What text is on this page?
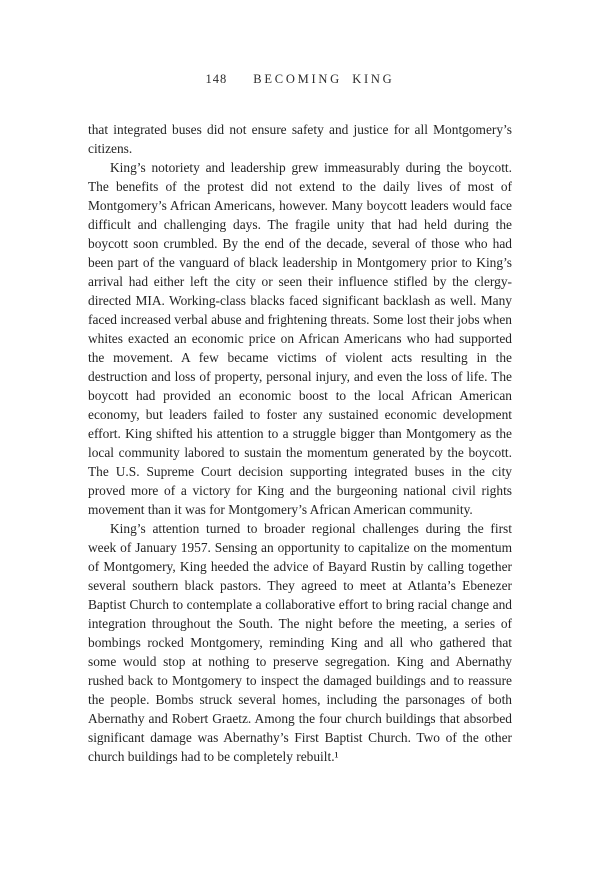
148 BECOMING KING

that integrated buses did not ensure safety and justice for all Montgomery’s citizens.

King’s notoriety and leadership grew immeasurably during the boycott. The benefits of the protest did not extend to the daily lives of most of Montgomery’s African Americans, however. Many boycott leaders would face difficult and challenging days. The fragile unity that had held during the boycott soon crumbled. By the end of the decade, several of those who had been part of the vanguard of black leadership in Montgomery prior to King’s arrival had either left the city or seen their influence stifled by the clergy-directed MIA. Working-class blacks faced significant backlash as well. Many faced increased verbal abuse and frightening threats. Some lost their jobs when whites exacted an economic price on African Americans who had supported the movement. A few became victims of violent acts resulting in the destruction and loss of property, personal injury, and even the loss of life. The boycott had provided an economic boost to the local African American economy, but leaders failed to foster any sustained economic development effort. King shifted his attention to a struggle bigger than Montgomery as the local community labored to sustain the momentum generated by the boycott. The U.S. Supreme Court decision supporting integrated buses in the city proved more of a victory for King and the burgeoning national civil rights movement than it was for Montgomery’s African American community.

King’s attention turned to broader regional challenges during the first week of January 1957. Sensing an opportunity to capitalize on the momentum of Montgomery, King heeded the advice of Bayard Rustin by calling together several southern black pastors. They agreed to meet at Atlanta’s Ebenezer Baptist Church to contemplate a collaborative effort to bring racial change and integration throughout the South. The night before the meeting, a series of bombings rocked Montgomery, reminding King and all who gathered that some would stop at nothing to preserve segregation. King and Abernathy rushed back to Montgomery to inspect the damaged buildings and to reassure the people. Bombs struck several homes, including the parsonages of both Abernathy and Robert Graetz. Among the four church buildings that absorbed significant damage was Abernathy’s First Baptist Church. Two of the other church buildings had to be completely rebuilt.¹
